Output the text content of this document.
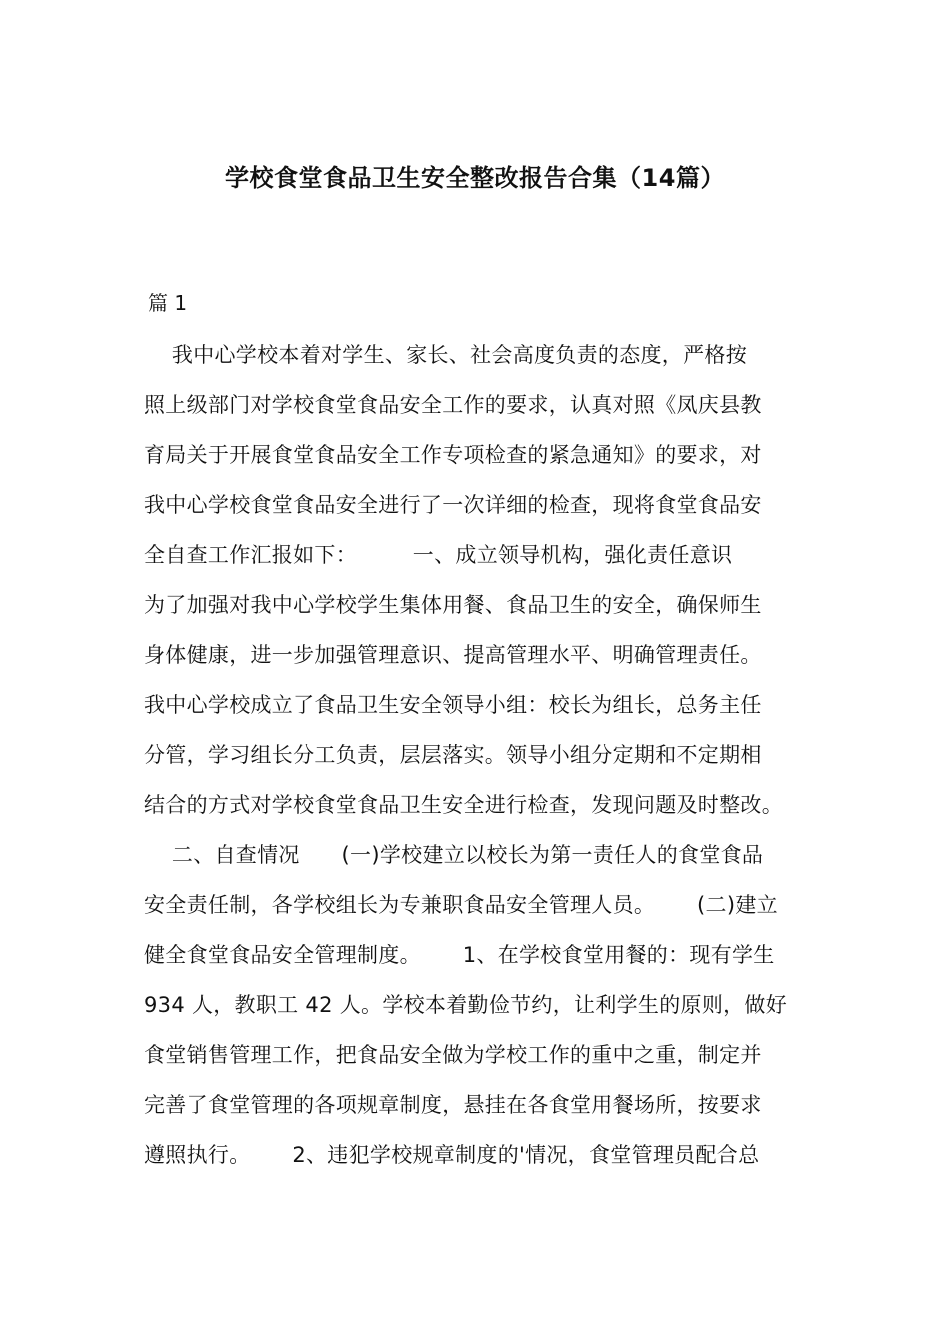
学校食堂食品卫生安全整改报告合集（14篇）
篇 1
我中心学校本着对学生、家长、社会高度负责的态度，严格按
照上级部门对学校食堂食品安全工作的要求，认真对照《凤庆县教
育局关于开展食堂食品安全工作专项检查的紧急通知》的要求，对
我中心学校食堂食品安全进行了一次详细的检查，现将食堂食品安
全自查工作汇报如下：        一、成立领导机构，强化责任意识
为了加强对我中心学校学生集体用餐、食品卫生的安全，确保师生
身体健康，进一步加强管理意识、提高管理水平、明确管理责任。
我中心学校成立了食品卫生安全领导小组：校长为组长，总务主任
分管，学习组长分工负责，层层落实。领导小组分定期和不定期相
结合的方式对学校食堂食品卫生安全进行检查，发现问题及时整改。
二、自查情况      (一)学校建立以校长为第一责任人的食堂食品
安全责任制，各学校组长为专兼职食品安全管理人员。      (二)建立
健全食堂食品安全管理制度。      1、在学校食堂用餐的：现有学生
934 人，教职工 42 人。学校本着勤俭节约，让利学生的原则，做好
食堂销售管理工作，把食品安全做为学校工作的重中之重，制定并
完善了食堂管理的各项规章制度，悬挂在各食堂用餐场所，按要求
遵照执行。      2、违犯学校规章制度的'情况，食堂管理员配合总
